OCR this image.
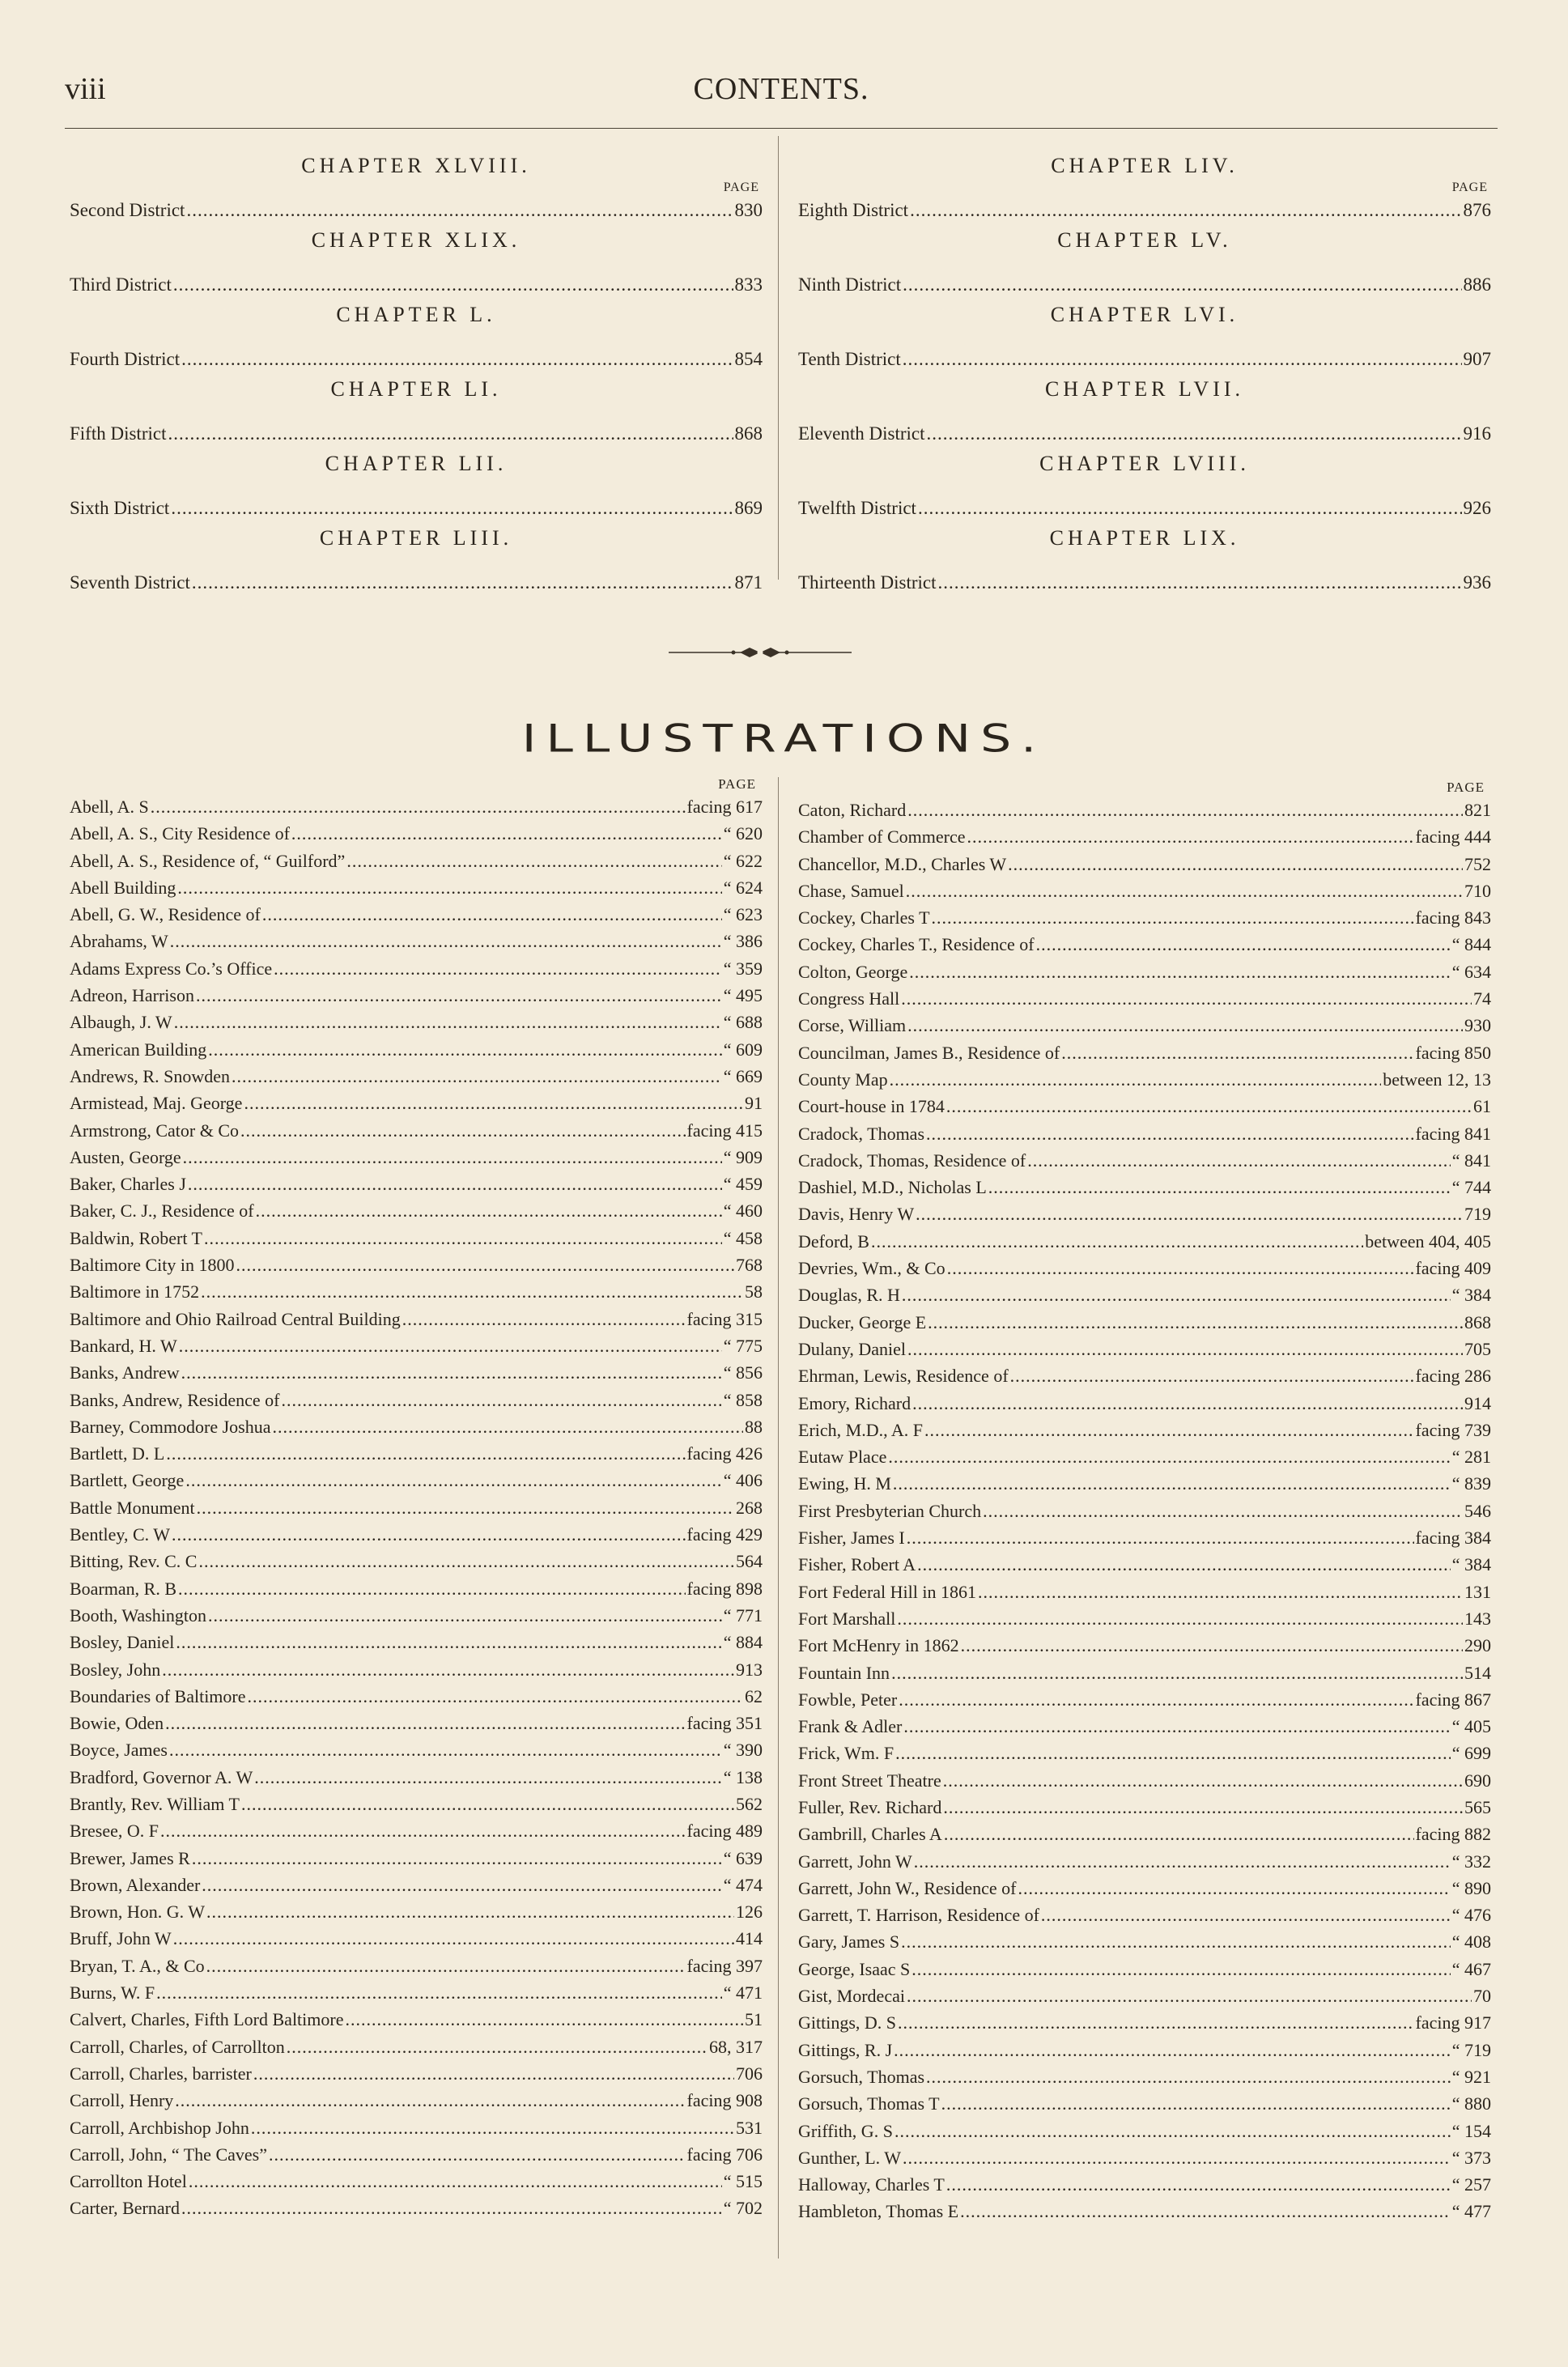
viii	CONTENTS.
CHAPTER XLVIII.
PAGE
Second District .....	830
CHAPTER XLIX.
Third District .....	833
CHAPTER L.
Fourth District .....	854
CHAPTER LI.
Fifth District .....	868
CHAPTER LII.
Sixth District .....	869
CHAPTER LIII.
Seventh District .....	871
CHAPTER LIV.
PAGE
Eighth District .....	876
CHAPTER LV.
Ninth District .....	886
CHAPTER LVI.
Tenth District .....	907
CHAPTER LVII.
Eleventh District .....	916
CHAPTER LVIII.
Twelfth District .....	926
CHAPTER LIX.
Thirteenth District .....	936
ILLUSTRATIONS.
PAGE
Abell, A. S .....	facing 617
Abell, A. S., City Residence of .....	“ 620
Abell, A. S., Residence of, “ Guilford” .....	“ 622
Abell Building .....	“ 624
Abell, G. W., Residence of .....	“ 623
Abrahams, W .....	“ 386
Adams Express Co.’s Office .....	“ 359
Adreon, Harrison .....	“ 495
Albaugh, J. W .....	“ 688
American Building .....	“ 609
Andrews, R. Snowden .....	“ 669
Armistead, Maj. George .....	91
Armstrong, Cator & Co .....	facing 415
Austen, George .....	“ 909
Baker, Charles J .....	“ 459
Baker, C. J., Residence of .....	“ 460
Baldwin, Robert T .....	“ 458
Baltimore City in 1800 .....	768
Baltimore in 1752 .....	58
Baltimore and Ohio Railroad Central Building .....	facing 315
Bankard, H. W .....	“ 775
Banks, Andrew .....	“ 856
Banks, Andrew, Residence of .....	“ 858
Barney, Commodore Joshua .....	88
Bartlett, D. L .....	facing 426
Bartlett, George .....	“ 406
Battle Monument .....	268
Bentley, C. W .....	facing 429
Bitting, Rev. C. C .....	564
Boarman, R. B .....	facing 898
Booth, Washington .....	“ 771
Bosley, Daniel .....	“ 884
Bosley, John .....	913
Boundaries of Baltimore .....	62
Bowie, Oden .....	facing 351
Boyce, James .....	“ 390
Bradford, Governor A. W .....	“ 138
Brantly, Rev. William T .....	562
Bresee, O. F .....	facing 489
Brewer, James R .....	“ 639
Brown, Alexander .....	“ 474
Brown, Hon. G. W .....	126
Bruff, John W .....	414
Bryan, T. A., & Co .....	facing 397
Burns, W. F .....	“ 471
Calvert, Charles, Fifth Lord Baltimore .....	51
Carroll, Charles, of Carrollton .....	68, 317
Carroll, Charles, barrister .....	706
Carroll, Henry .....	facing 908
Carroll, Archbishop John .....	531
Carroll, John, “ The Caves” .....	facing 706
Carrollton Hotel .....	“ 515
Carter, Bernard .....	“ 702
PAGE
Caton, Richard .....	821
Chamber of Commerce .....	facing 444
Chancellor, M.D., Charles W .....	752
Chase, Samuel .....	710
Cockey, Charles T .....	facing 843
Cockey, Charles T., Residence of .....	“ 844
Colton, George .....	“ 634
Congress Hall .....	74
Corse, William .....	930
Councilman, James B., Residence of .....	facing 850
County Map .....	between 12, 13
Court-house in 1784 .....	61
Cradock, Thomas .....	facing 841
Cradock, Thomas, Residence of .....	“ 841
Dashiel, M.D., Nicholas L .....	“ 744
Davis, Henry W .....	719
Deford, B .....	between 404, 405
Devries, Wm., & Co .....	facing 409
Douglas, R. H .....	“ 384
Ducker, George E .....	868
Dulany, Daniel .....	705
Ehrman, Lewis, Residence of .....	facing 286
Emory, Richard .....	914
Erich, M.D., A. F .....	facing 739
Eutaw Place .....	“ 281
Ewing, H. M .....	“ 839
First Presbyterian Church .....	546
Fisher, James I .....	facing 384
Fisher, Robert A .....	“ 384
Fort Federal Hill in 1861 .....	131
Fort Marshall .....	143
Fort McHenry in 1862 .....	290
Fountain Inn .....	514
Fowble, Peter .....	facing 867
Frank & Adler .....	“ 405
Frick, Wm. F .....	“ 699
Front Street Theatre .....	690
Fuller, Rev. Richard .....	565
Gambrill, Charles A .....	facing 882
Garrett, John W .....	“ 332
Garrett, John W., Residence of .....	“ 890
Garrett, T. Harrison, Residence of .....	“ 476
Gary, James S .....	“ 408
George, Isaac S .....	“ 467
Gist, Mordecai .....	70
Gittings, D. S .....	facing 917
Gittings, R. J .....	“ 719
Gorsuch, Thomas .....	“ 921
Gorsuch, Thomas T .....	“ 880
Griffith, G. S .....	“ 154
Gunther, L. W .....	“ 373
Halloway, Charles T .....	“ 257
Hambleton, Thomas E .....	“ 477
